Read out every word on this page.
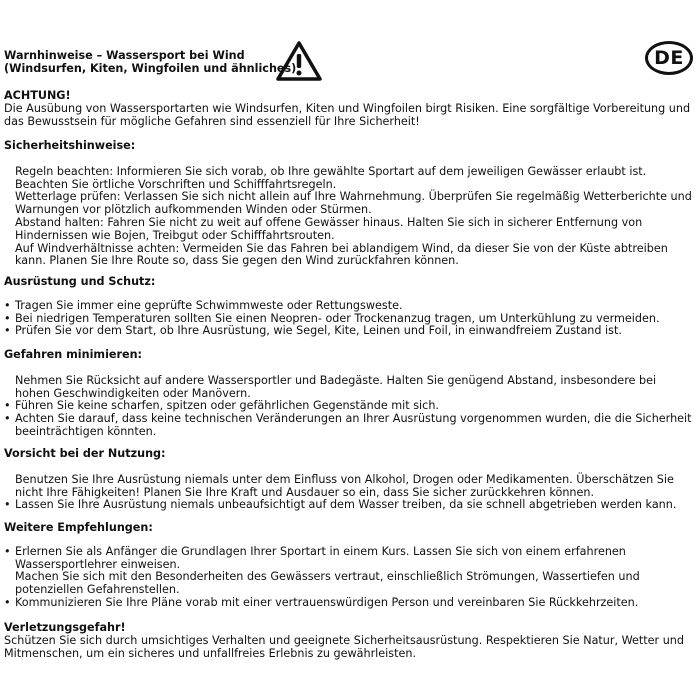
Warnhinweise – Wassersport bei Wind
(Windsurfen, Kiten, Wingfoilen und ähnliches)	DE
ACHTUNG!
Die Ausübung von Wassersportarten wie Windsurfen, Kiten und Wingfoilen birgt Risiken. Eine sorgfältige Vorbereitung und das Bewusstsein für mögliche Gefahren sind essenziell für Ihre Sicherheit!
Sicherheitshinweise:
Regeln beachten: Informieren Sie sich vorab, ob Ihre gewählte Sportart auf dem jeweiligen Gewässer erlaubt ist. Beachten Sie örtliche Vorschriften und Schifffahrtsregeln.
Wetterlage prüfen: Verlassen Sie sich nicht allein auf Ihre Wahrnehmung. Überprüfen Sie regelmäßig Wetterberichte und Warnungen vor plötzlich aufkommenden Winden oder Stürmen.
Abstand halten: Fahren Sie nicht zu weit auf offene Gewässer hinaus. Halten Sie sich in sicherer Entfernung von Hindernissen wie Bojen, Treibgut oder Schifffahrtsrouten.
Auf Windverhältnisse achten: Vermeiden Sie das Fahren bei ablandigem Wind, da dieser Sie von der Küste abtreiben kann. Planen Sie Ihre Route so, dass Sie gegen den Wind zurückfahren können.
Ausrüstung und Schutz:
• Tragen Sie immer eine geprüfte Schwimmweste oder Rettungsweste.
• Bei niedrigen Temperaturen sollten Sie einen Neopren- oder Trockenanzug tragen, um Unterkühlung zu vermeiden.
• Prüfen Sie vor dem Start, ob Ihre Ausrüstung, wie Segel, Kite, Leinen und Foil, in einwandfreiem Zustand ist.
Gefahren minimieren:
Nehmen Sie Rücksicht auf andere Wassersportler und Badegäste. Halten Sie genügend Abstand, insbesondere bei hohen Geschwindigkeiten oder Manövern.
• Führen Sie keine scharfen, spitzen oder gefährlichen Gegenstände mit sich.
• Achten Sie darauf, dass keine technischen Veränderungen an Ihrer Ausrüstung vorgenommen wurden, die die Sicherheit beeinträchtigen könnten.
Vorsicht bei der Nutzung:
Benutzen Sie Ihre Ausrüstung niemals unter dem Einfluss von Alkohol, Drogen oder Medikamenten. Überschätzen Sie nicht Ihre Fähigkeiten! Planen Sie Ihre Kraft und Ausdauer so ein, dass Sie sicher zurückkehren können.
• Lassen Sie Ihre Ausrüstung niemals unbeaufsichtigt auf dem Wasser treiben, da sie schnell abgetrieben werden kann.
Weitere Empfehlungen:
• Erlernen Sie als Anfänger die Grundlagen Ihrer Sportart in einem Kurs. Lassen Sie sich von einem erfahrenen Wassersportlehrer einweisen.
Machen Sie sich mit den Besonderheiten des Gewässers vertraut, einschließlich Strömungen, Wassertiefen und potenziellen Gefahrenstellen.
• Kommunizieren Sie Ihre Pläne vorab mit einer vertrauenswürdigen Person und vereinbaren Sie Rückkehrzeiten.
Verletzungsgefahr!
Schützen Sie sich durch umsichtiges Verhalten und geeignete Sicherheitsausrüstung. Respektieren Sie Natur, Wetter und Mitmenschen, um ein sicheres und unfallfreies Erlebnis zu gewährleisten.
